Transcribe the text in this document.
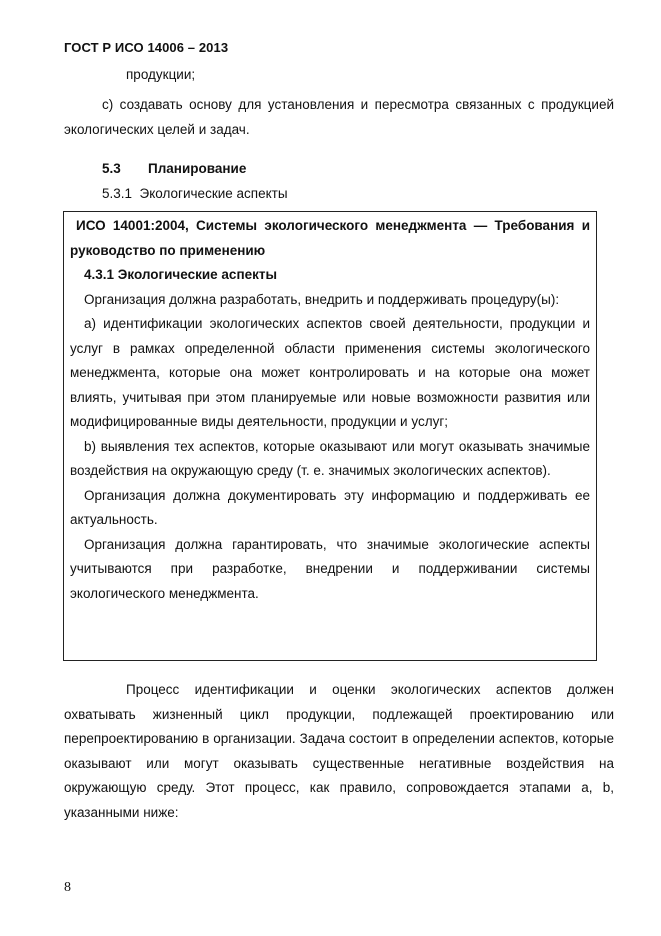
ГОСТ Р ИСО 14006 – 2013
продукции;
с) создавать основу для установления и пересмотра связанных с продукцией экологических целей и задач.
5.3 Планирование
5.3.1 Экологические аспекты

ИСО 14001:2004, Системы экологического менеджмента — Требования и руководство по применению

4.3.1 Экологические аспекты

Организация должна разработать, внедрить и поддерживать процедуру(ы):

а) идентификации экологических аспектов своей деятельности, продукции и услуг в рамках определенной области применения системы экологического менеджмента, которые она может контролировать и на которые она может влиять, учитывая при этом планируемые или новые возможности развития или модифицированные виды деятельности, продукции и услуг;

b) выявления тех аспектов, которые оказывают или могут оказывать значимые воздействия на окружающую среду (т. е. значимых экологических аспектов).

Организация должна документировать эту информацию и поддерживать ее актуальность.

Организация должна гарантировать, что значимые экологические аспекты учитываются при разработке, внедрении и поддерживании системы экологического менеджмента.

Процесс идентификации и оценки экологических аспектов должен охватывать жизненный цикл продукции, подлежащей проектированию или перепроектированию в организации. Задача состоит в определении аспектов, которые оказывают или могут оказывать существенные негативные воздействия на окружающую среду. Этот процесс, как правило, сопровождается этапами а, b, указанными ниже:
8
